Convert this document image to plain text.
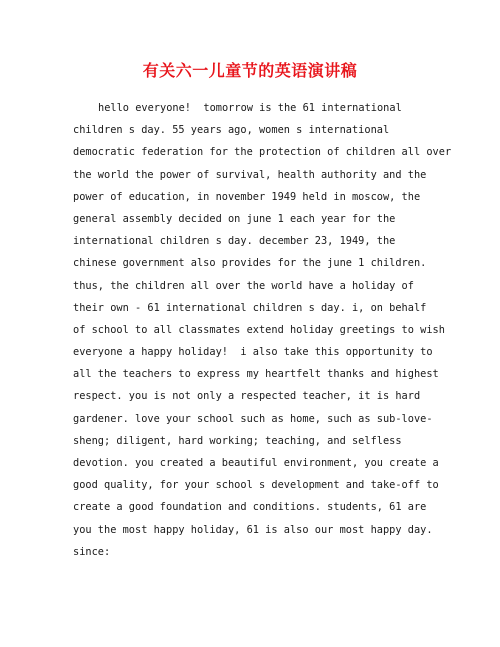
有关六一儿童节的英语演讲稿
hello everyone!  tomorrow is the 61 international
children s day. 55 years ago, women s international
democratic federation for the protection of children all over
the world the power of survival, health authority and the
power of education, in november 1949 held in moscow, the
general assembly decided on june 1 each year for the
international children s day. december 23, 1949, the
chinese government also provides for the june 1 children.
thus, the children all over the world have a holiday of
their own - 61 international children s day. i, on behalf
of school to all classmates extend holiday greetings to wish
everyone a happy holiday!  i also take this opportunity to
all the teachers to express my heartfelt thanks and highest
respect. you is not only a respected teacher, it is hard
gardener. love your school such as home, such as sub-love-
sheng; diligent, hard working; teaching, and selfless
devotion. you created a beautiful environment, you create a
good quality, for your school s development and take-off to
create a good foundation and conditions. students, 61 are
you the most happy holiday, 61 is also our most happy day.
since:
